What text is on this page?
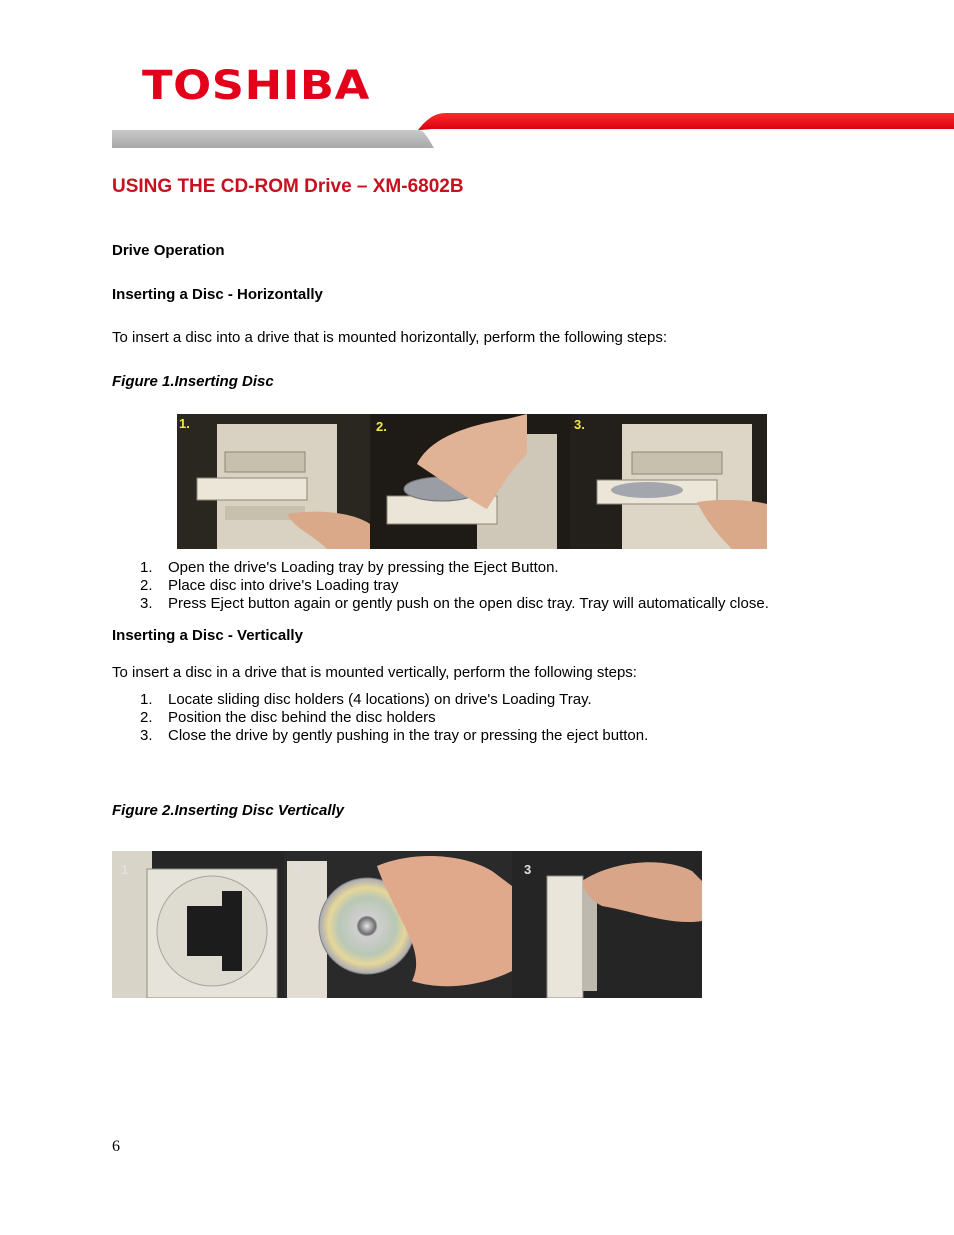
TOSHIBA
USING THE CD-ROM Drive – XM-6802B
Drive Operation
Inserting a Disc - Horizontally
To insert a disc into a drive that is mounted horizontally, perform the following steps:
Figure 1.Inserting Disc
1.	2.	3.
1.	Open the drive's Loading tray by pressing the Eject Button.
2.	Place disc into drive's Loading tray
3.	Press Eject button again or gently push on the open disc tray. Tray will automatically close.
Inserting a Disc - Vertically
To insert a disc in a drive that is mounted vertically, perform the following steps:
1.	Locate sliding disc holders (4 locations) on drive's Loading Tray.
2.	Position the disc behind the disc holders
3.	Close the drive by gently pushing in the tray or pressing the eject button.
Figure 2.Inserting Disc Vertically
1	2	3
6
